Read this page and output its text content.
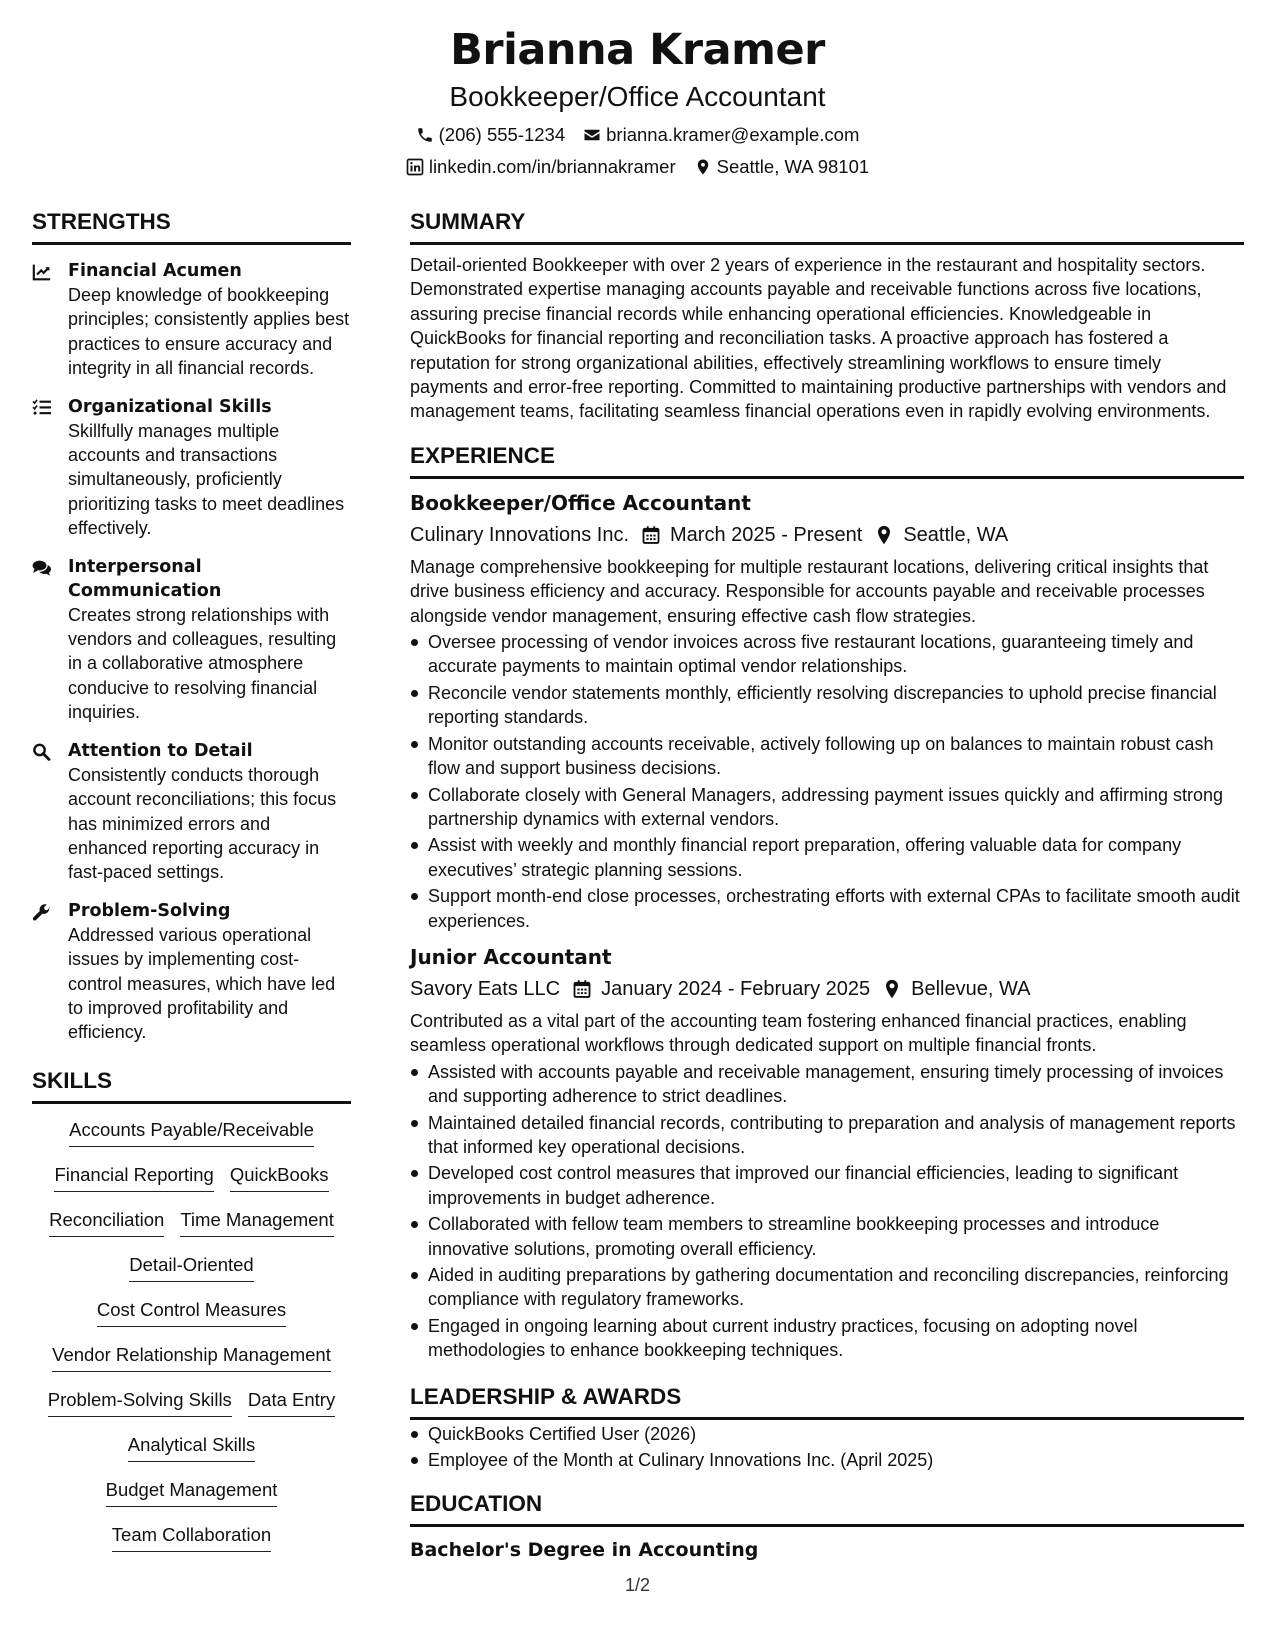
Brianna Kramer
Bookkeeper/Office Accountant
(206) 555-1234 brianna.kramer@example.com
linkedin.com/in/briannakramer Seattle, WA 98101
STRENGTHS
Financial Acumen
Deep knowledge of bookkeeping principles; consistently applies best practices to ensure accuracy and integrity in all financial records.
Organizational Skills
Skillfully manages multiple accounts and transactions simultaneously, proficiently prioritizing tasks to meet deadlines effectively.
Interpersonal Communication
Creates strong relationships with vendors and colleagues, resulting in a collaborative atmosphere conducive to resolving financial inquiries.
Attention to Detail
Consistently conducts thorough account reconciliations; this focus has minimized errors and enhanced reporting accuracy in fast-paced settings.
Problem-Solving
Addressed various operational issues by implementing cost-control measures, which have led to improved profitability and efficiency.
SKILLS
Accounts Payable/Receivable
Financial Reporting QuickBooks
Reconciliation Time Management
Detail-Oriented
Cost Control Measures
Vendor Relationship Management
Problem-Solving Skills Data Entry
Analytical Skills
Budget Management
Team Collaboration
SUMMARY
Detail-oriented Bookkeeper with over 2 years of experience in the restaurant and hospitality sectors. Demonstrated expertise managing accounts payable and receivable functions across five locations, assuring precise financial records while enhancing operational efficiencies. Knowledgeable in QuickBooks for financial reporting and reconciliation tasks. A proactive approach has fostered a reputation for strong organizational abilities, effectively streamlining workflows to ensure timely payments and error-free reporting. Committed to maintaining productive partnerships with vendors and management teams, facilitating seamless financial operations even in rapidly evolving environments.
EXPERIENCE
Bookkeeper/Office Accountant
Culinary Innovations Inc. March 2025 - Present Seattle, WA
Manage comprehensive bookkeeping for multiple restaurant locations, delivering critical insights that drive business efficiency and accuracy. Responsible for accounts payable and receivable processes alongside vendor management, ensuring effective cash flow strategies.
Oversee processing of vendor invoices across five restaurant locations, guaranteeing timely and accurate payments to maintain optimal vendor relationships.
Reconcile vendor statements monthly, efficiently resolving discrepancies to uphold precise financial reporting standards.
Monitor outstanding accounts receivable, actively following up on balances to maintain robust cash flow and support business decisions.
Collaborate closely with General Managers, addressing payment issues quickly and affirming strong partnership dynamics with external vendors.
Assist with weekly and monthly financial report preparation, offering valuable data for company executives’ strategic planning sessions.
Support month-end close processes, orchestrating efforts with external CPAs to facilitate smooth audit experiences.
Junior Accountant
Savory Eats LLC January 2024 - February 2025 Bellevue, WA
Contributed as a vital part of the accounting team fostering enhanced financial practices, enabling seamless operational workflows through dedicated support on multiple financial fronts.
Assisted with accounts payable and receivable management, ensuring timely processing of invoices and supporting adherence to strict deadlines.
Maintained detailed financial records, contributing to preparation and analysis of management reports that informed key operational decisions.
Developed cost control measures that improved our financial efficiencies, leading to significant improvements in budget adherence.
Collaborated with fellow team members to streamline bookkeeping processes and introduce innovative solutions, promoting overall efficiency.
Aided in auditing preparations by gathering documentation and reconciling discrepancies, reinforcing compliance with regulatory frameworks.
Engaged in ongoing learning about current industry practices, focusing on adopting novel methodologies to enhance bookkeeping techniques.
LEADERSHIP & AWARDS
QuickBooks Certified User (2026)
Employee of the Month at Culinary Innovations Inc. (April 2025)
EDUCATION
Bachelor's Degree in Accounting
1/2
